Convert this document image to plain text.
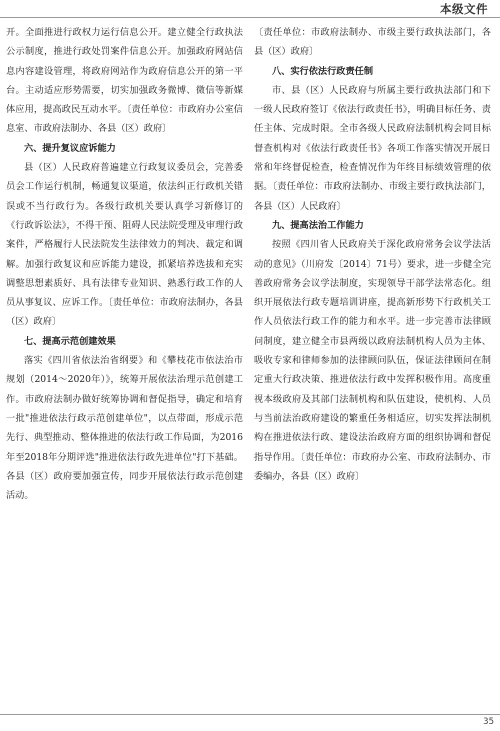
本级文件

开。全面推进行政权力运行信息公开。建立健全行政执法公示制度，推进行政处罚案件信息公开。加强政府网站信息内容建设管理，将政府网站作为政府信息公开的第一平台。主动适应形势需要，切实加强政务微博、微信等新媒体应用，提高政民互动水平。〔责任单位：市政府办公室信息室、市政府法制办、各县（区）政府〕

六、提升复议应诉能力

县（区）人民政府普遍建立行政复议委员会，完善委员会工作运行机制，畅通复议渠道，依法纠正行政机关错误或不当行政行为。各级行政机关要认真学习新修订的《行政诉讼法》，不得干预、阻碍人民法院受理及审理行政案件，严格履行人民法院发生法律效力的判决、裁定和调解。加强行政复议和应诉能力建设，抓紧培养选拔和充实调整思想素质好、具有法律专业知识、熟悉行政工作的人员从事复议、应诉工作。〔责任单位：市政府法制办，各县（区）政府〕

七、提高示范创建效果

落实《四川省依法治省纲要》和《攀枝花市依法治市规划（2014～2020年）》，统筹开展依法治理示范创建工作。市政府法制办做好统筹协调和督促指导，确定和培育一批"推进依法行政示范创建单位"，以点带面，形成示范先行、典型推动、整体推进的依法行政工作局面，为2016年至2018年分期评选"推进依法行政先进单位"打下基础。各县（区）政府要加强宣传，同步开展依法行政示范创建活动。

〔责任单位：市政府法制办、市级主要行政执法部门，各县（区）政府〕

八、实行依法行政责任制

市、县（区）人民政府与所属主要行政执法部门和下一级人民政府签订《依法行政责任书》，明确目标任务、责任主体、完成时限。全市各级人民政府法制机构会同目标督查机构对《依法行政责任书》各项工作落实情况开展日常和年终督促检查，检查情况作为年终目标绩效管理的依据。〔责任单位：市政府法制办、市级主要行政执法部门，各县（区）人民政府〕

九、提高法治工作能力

按照《四川省人民政府关于深化政府常务会议学法活动的意见》（川府发〔2014〕71号）要求，进一步健全完善政府常务会议学法制度，实现领导干部学法常态化。组织开展依法行政专题培训讲座，提高新形势下行政机关工作人员依法行政工作的能力和水平。进一步完善市法律顾问制度，建立健全市县两级以政府法制机构人员为主体、吸收专家和律师参加的法律顾问队伍，保证法律顾问在制定重大行政决策、推进依法行政中发挥积极作用。高度重视本级政府及其部门法制机构和队伍建设，使机构、人员与当前法治政府建设的繁重任务相适应，切实发挥法制机构在推进依法行政、建设法治政府方面的组织协调和督促指导作用。〔责任单位：市政府办公室、市政府法制办、市委编办，各县（区）政府〕

35
